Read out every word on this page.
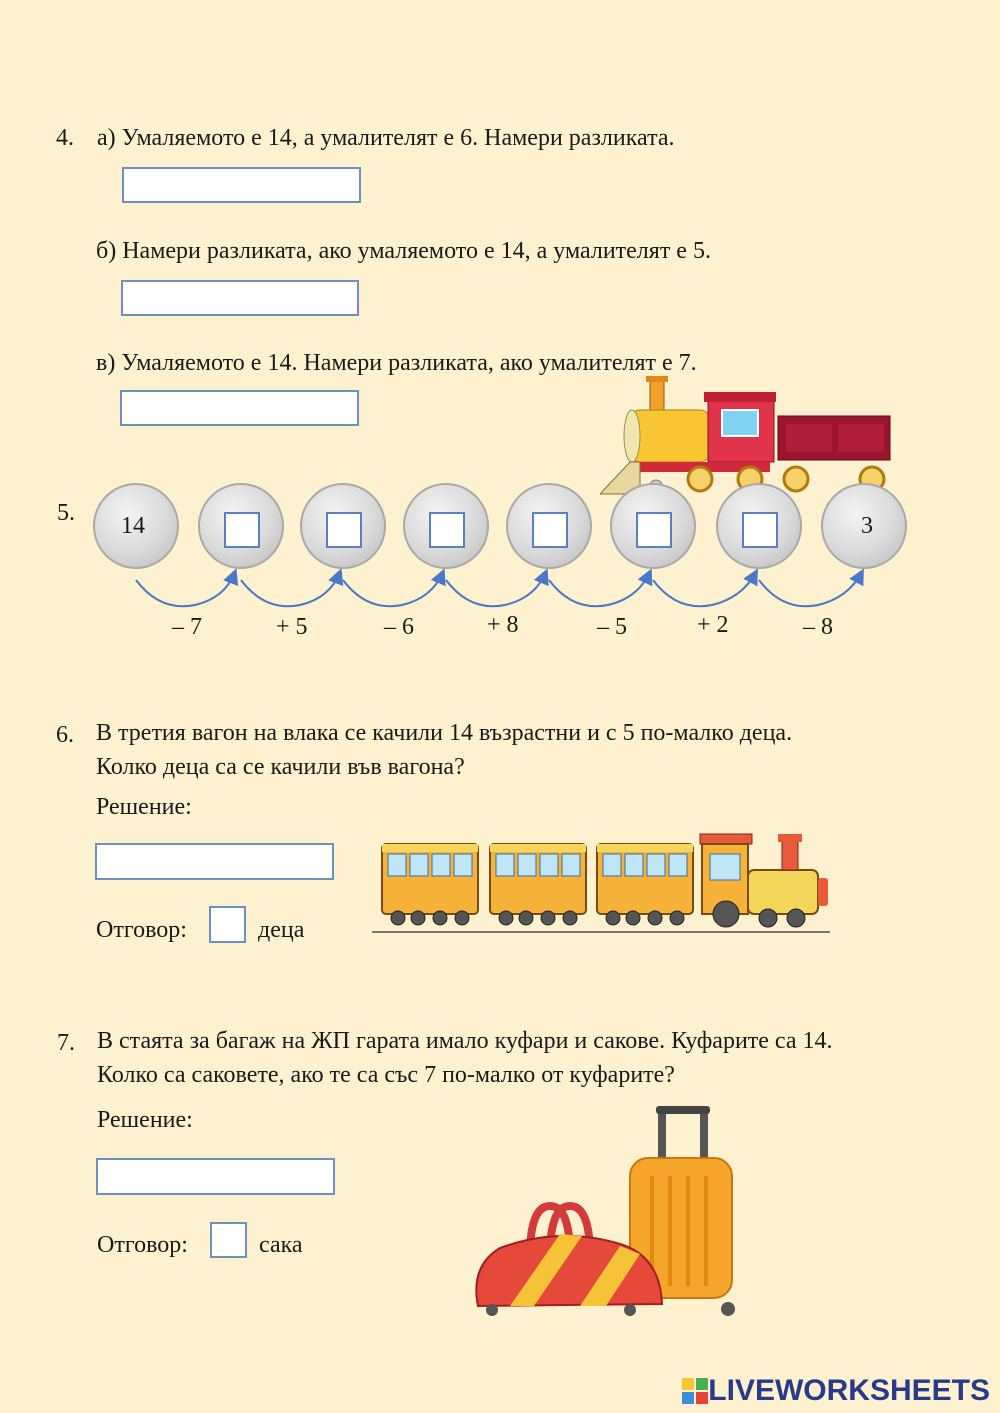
4. а) Умаляемото е 14, а умалителят е 6. Намери разликата.
б) Намери разликата, ако умаляемото е 14, а умалителят е 5.
в) Умаляемото е 14. Намери разликата, ако умалителят е 7.
5.	14	3
– 7	+ 5	– 6	+ 8	– 5	+ 2	– 8
6. В третия вагон на влака се качили 14 възрастни и с 5 по-малко деца.
Колко деца са се качили във вагона?
Решение:
Отговор:	деца
7. В стаята за багаж на ЖП гарата имало куфари и сакове. Куфарите са 14.
Колко са саковете, ако те са със 7 по-малко от куфарите?
Решение:
Отговор:	сака
LIVEWORKSHEETS
